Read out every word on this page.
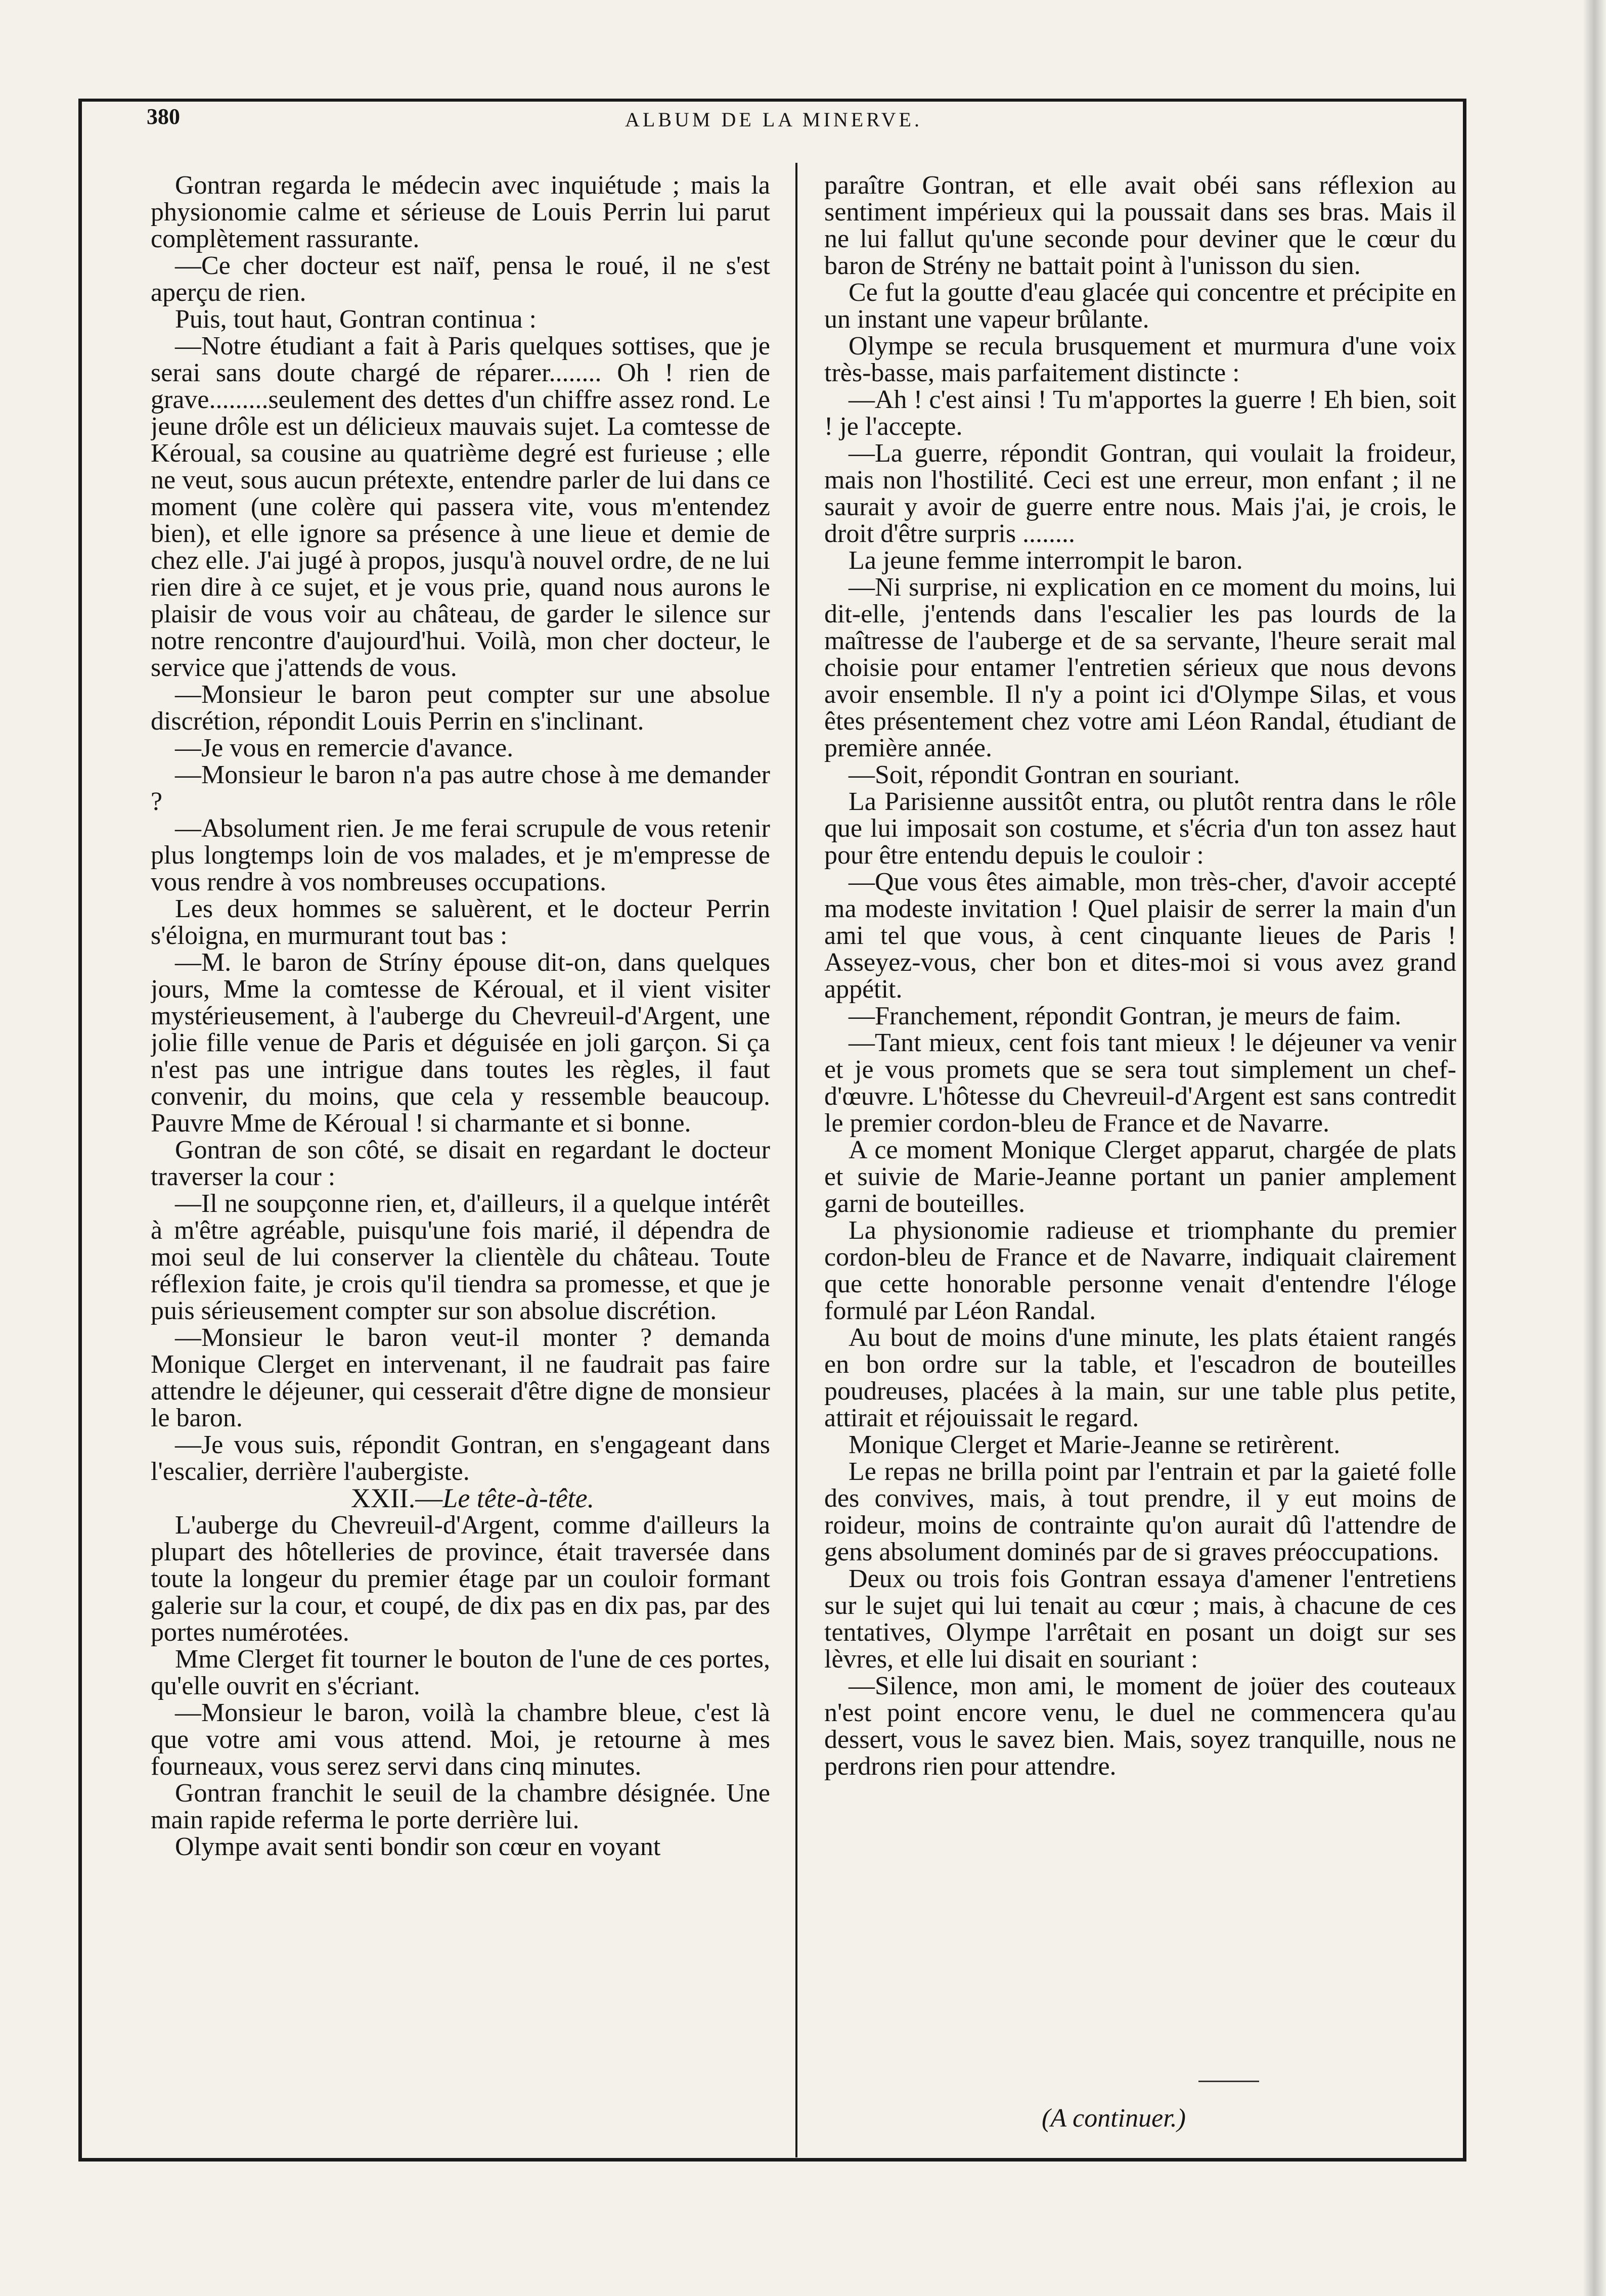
380	ALBUM DE LA MINERVE.

Gontran regarda le médecin avec inquiétude ; mais la physionomie calme et sérieuse de Louis Perrin lui parut complètement rassurante.

—Ce cher docteur est naïf, pensa le roué, il ne s'est aperçu de rien.

Puis, tout haut, Gontran continua :

—Notre étudiant a fait à Paris quelques sottises, que je serai sans doute chargé de réparer........ Oh ! rien de grave.........seulement des dettes d'un chiffre assez rond. Le jeune drôle est un délicieux mauvais sujet. La comtesse de Kéroual, sa cousine au quatrième degré est furieuse ; elle ne veut, sous aucun prétexte, entendre parler de lui dans ce moment (une colère qui passera vite, vous m'entendez bien), et elle ignore sa présence à une lieue et demie de chez elle. J'ai jugé à propos, jusqu'à nouvel ordre, de ne lui rien dire à ce sujet, et je vous prie, quand nous aurons le plaisir de vous voir au château, de garder le silence sur notre rencontre d'aujourd'hui. Voilà, mon cher docteur, le service que j'attends de vous.

—Monsieur le baron peut compter sur une absolue discrétion, répondit Louis Perrin en s'inclinant.

—Je vous en remercie d'avance.

—Monsieur le baron n'a pas autre chose à me demander ?

—Absolument rien. Je me ferai scrupule de vous retenir plus longtemps loin de vos malades, et je m'empresse de vous rendre à vos nombreuses occupations.

Les deux hommes se saluèrent, et le docteur Perrin s'éloigna, en murmurant tout bas :

—M. le baron de Stríny épouse dit-on, dans quelques jours, Mme la comtesse de Kéroual, et il vient visiter mystérieusement, à l'auberge du Chevreuil-d'Argent, une jolie fille venue de Paris et déguisée en joli garçon. Si ça n'est pas une intrigue dans toutes les règles, il faut convenir, du moins, que cela y ressemble beaucoup. Pauvre Mme de Kéroual ! si charmante et si bonne.

Gontran de son côté, se disait en regardant le docteur traverser la cour :

—Il ne soupçonne rien, et, d'ailleurs, il a quelque intérêt à m'être agréable, puisqu'une fois marié, il dépendra de moi seul de lui conserver la clientèle du château. Toute réflexion faite, je crois qu'il tiendra sa promesse, et que je puis sérieusement compter sur son absolue discrétion.

—Monsieur le baron veut-il monter ? demanda Monique Clerget en intervenant, il ne faudrait pas faire attendre le déjeuner, qui cesserait d'être digne de monsieur le baron.

—Je vous suis, répondit Gontran, en s'engageant dans l'escalier, derrière l'aubergiste.

XXII.—Le tête-à-tête.

L'auberge du Chevreuil-d'Argent, comme d'ailleurs la plupart des hôtelleries de province, était traversée dans toute la longeur du premier étage par un couloir formant galerie sur la cour, et coupé, de dix pas en dix pas, par des portes numérotées.

Mme Clerget fit tourner le bouton de l'une de ces portes, qu'elle ouvrit en s'écriant.

—Monsieur le baron, voilà la chambre bleue, c'est là que votre ami vous attend. Moi, je retourne à mes fourneaux, vous serez servi dans cinq minutes.

Gontran franchit le seuil de la chambre désignée. Une main rapide referma le porte derrière lui.

Olympe avait senti bondir son cœur en voyant

paraître Gontran, et elle avait obéi sans réflexion au sentiment impérieux qui la poussait dans ses bras. Mais il ne lui fallut qu'une seconde pour deviner que le cœur du baron de Strény ne battait point à l'unisson du sien.

Ce fut la goutte d'eau glacée qui concentre et précipite en un instant une vapeur brûlante.

Olympe se recula brusquement et murmura d'une voix très-basse, mais parfaitement distincte :

—Ah ! c'est ainsi ! Tu m'apportes la guerre ! Eh bien, soit ! je l'accepte.

—La guerre, répondit Gontran, qui voulait la froideur, mais non l'hostilité. Ceci est une erreur, mon enfant ; il ne saurait y avoir de guerre entre nous. Mais j'ai, je crois, le droit d'être surpris ........

La jeune femme interrompit le baron.

—Ni surprise, ni explication en ce moment du moins, lui dit-elle, j'entends dans l'escalier les pas lourds de la maîtresse de l'auberge et de sa servante, l'heure serait mal choisie pour entamer l'entretien sérieux que nous devons avoir ensemble. Il n'y a point ici d'Olympe Silas, et vous êtes présentement chez votre ami Léon Randal, étudiant de première année.

—Soit, répondit Gontran en souriant.

La Parisienne aussitôt entra, ou plutôt rentra dans le rôle que lui imposait son costume, et s'écria d'un ton assez haut pour être entendu depuis le couloir :

—Que vous êtes aimable, mon très-cher, d'avoir accepté ma modeste invitation ! Quel plaisir de serrer la main d'un ami tel que vous, à cent cinquante lieues de Paris ! Asseyez-vous, cher bon et dites-moi si vous avez grand appétit.

—Franchement, répondit Gontran, je meurs de faim.

—Tant mieux, cent fois tant mieux ! le déjeuner va venir et je vous promets que se sera tout simplement un chef-d'œuvre. L'hôtesse du Chevreuil-d'Argent est sans contredit le premier cordon-bleu de France et de Navarre.

A ce moment Monique Clerget apparut, chargée de plats et suivie de Marie-Jeanne portant un panier amplement garni de bouteilles.

La physionomie radieuse et triomphante du premier cordon-bleu de France et de Navarre, indiquait clairement que cette honorable personne venait d'entendre l'éloge formulé par Léon Randal.

Au bout de moins d'une minute, les plats étaient rangés en bon ordre sur la table, et l'escadron de bouteilles poudreuses, placées à la main, sur une table plus petite, attirait et réjouissait le regard.

Monique Clerget et Marie-Jeanne se retirèrent.

Le repas ne brilla point par l'entrain et par la gaieté folle des convives, mais, à tout prendre, il y eut moins de roideur, moins de contrainte qu'on aurait dû l'attendre de gens absolument dominés par de si graves préoccupations.

Deux ou trois fois Gontran essaya d'amener l'entretiens sur le sujet qui lui tenait au cœur ; mais, à chacune de ces tentatives, Olympe l'arrêtait en posant un doigt sur ses lèvres, et elle lui disait en souriant :

—Silence, mon ami, le moment de joüer des couteaux n'est point encore venu, le duel ne commencera qu'au dessert, vous le savez bien. Mais, soyez tranquille, nous ne perdrons rien pour attendre.

(A continuer.)
